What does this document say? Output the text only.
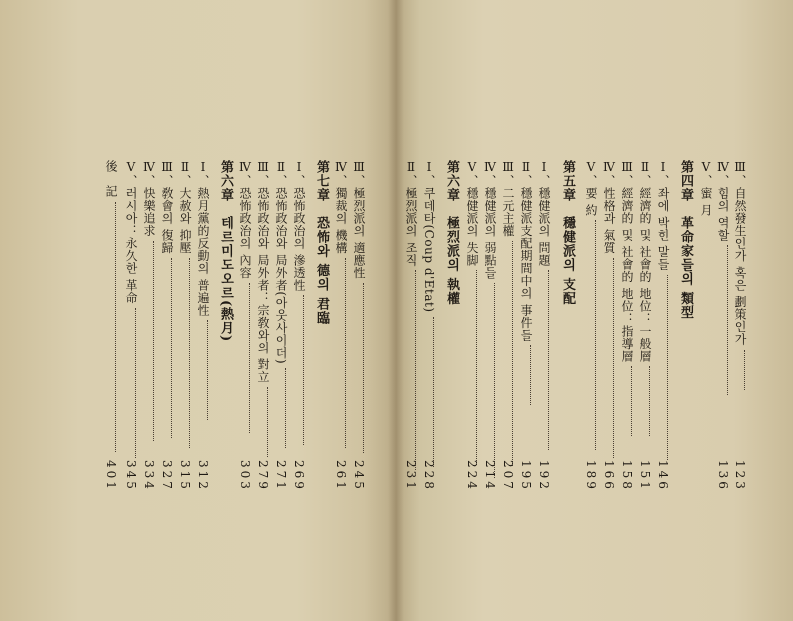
Ⅲ、自然發生인가 혹은 劃策인가
123
Ⅳ、힘의 역할
136
Ⅴ、蜜 月
第四章　革命家들의 類型
Ⅰ、좌에 박힌 말들
146
Ⅱ、經濟的 및 社會的 地位：一般層
151
Ⅲ、經濟的 및 社會的 地位：指導層
158
Ⅳ、性格과 氣質
166
Ⅴ、要 約
189
第五章　穩健派의 支配
Ⅰ、穩健派의 問題
192
Ⅱ、穩健派支配期間中의 事件들
195
Ⅲ、二元主權
207
Ⅳ、穩健派의 弱點들
214
Ⅴ、穩健派의 失脚
224
第六章　極烈派의 執權
Ⅰ、쿠데타(Coup d'Etat)
228
Ⅱ、極烈派의 조직
231
Ⅲ、極烈派의 適應性
245
Ⅳ、獨裁의 機構
261
第七章　恐怖와 德의 君臨
Ⅰ、恐怖政治의 滲透性
269
Ⅱ、恐怖政治와 局外者(아웃사이더)
271
Ⅲ、恐怖政治와 局外者：宗敎와의 對立
279
Ⅳ、恐怖政治의 內容
303
第六章　테르미도오르(熱月)
Ⅰ、熱月黨的反動의 普遍性
312
Ⅱ、大赦와 抑壓
315
Ⅲ、敎會의 復歸
327
Ⅳ、快樂追求
334
Ⅴ、러시아：永久한 革命
345
後　記
401
